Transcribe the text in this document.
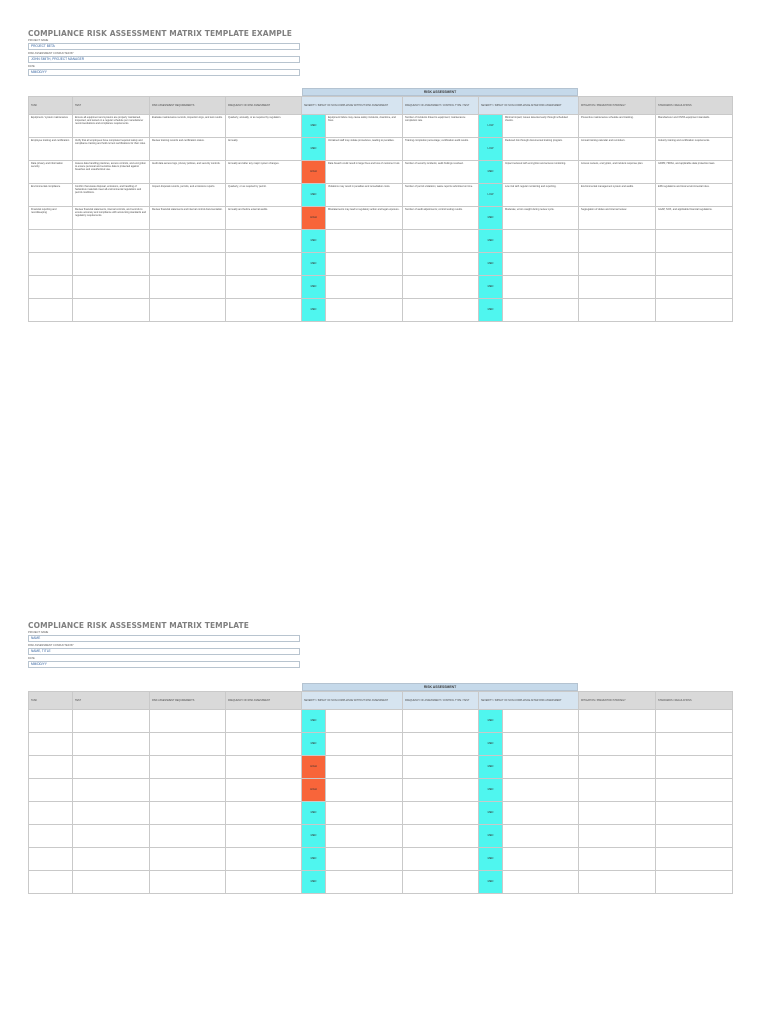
COMPLIANCE RISK ASSESSMENT MATRIX TEMPLATE EXAMPLE
PROJECT NAME
PROJECT BETA
RISK ASSESSMENT CONDUCTED BY
JOHN SMITH, PROJECT MANAGER
DATE
MM/DD/YY
RISK ASSESSMENT
TASK	TEST	RISK ASSESSMENT REQUIREMENTS	FREQUENCY OF RISK ASSESSMENT	SEVERITY / IMPACT OF NON-COMPLIANCE WITHOUT RISK ASSESSMENT		FREQUENCY OF ASSESSMENT / CONTROL TYPE / TEST	SEVERITY / IMPACT OF NON-COMPLIANCE AFTER RISK ASSESSMENT		MITIGATION / PREVENTION STRATEGY	STANDARDS / REGULATIONS
Equipment / system maintenance	Ensure all equipment and systems are properly maintained, inspected, and tested on a regular schedule per manufacturer recommendations and compliance requirements.	Evaluate maintenance records, inspection logs, and test results.	Quarterly, annually, or as required by regulation.	MED	Equipment failure may cause safety incidents, downtime, and fines.	Number of incidents linked to equipment; maintenance completion rate.	LOW	Minimal impact; issues detected early through scheduled checks.	Preventive maintenance schedule and tracking.	Manufacturer and OSHA equipment standards.
Employee training and certification	Verify that all employees have completed required safety and compliance training and hold current certifications for their roles.	Review training records and certification status.	Annually.	MED	Untrained staff may violate procedures, leading to penalties.	Training completion percentage; certification audit results.	LOW	Reduced risk through documented training program.	Annual training calendar and reminders.	Industry training and certification requirements.
Data privacy and information security	Assess data handling practices, access controls, and encryption to ensure personal and sensitive data is protected against breaches and unauthorized use.	Audit data access logs, privacy policies, and security controls.	Annually and after any major system changes.	HIGH	Data breach could result in large fines and loss of customer trust.	Number of security incidents; audit findings resolved.	MED	Impact reduced with encryption and access monitoring.	Access reviews, encryption, and incident response plan.	GDPR, HIPAA, and applicable data protection laws.
Environmental compliance	Confirm that waste disposal, emissions, and handling of hazardous materials meet all environmental regulations and permit conditions.	Inspect disposal records, permits, and emissions reports.	Quarterly, or as required by permit.	MED	Violations may result in penalties and remediation costs.	Number of permit violations; waste reports submitted on time.	LOW	Low risk with regular monitoring and reporting.	Environmental management system and audits.	EPA regulations and local environmental rules.
Financial reporting and recordkeeping	Review financial statements, internal controls, and records to ensure accuracy and compliance with accounting standards and regulatory requirements.	Review financial statements and internal control documentation.	Annually and before external audits.	HIGH	Misstatements may lead to regulatory action and legal exposure.	Number of audit adjustments; control testing results.	MED	Moderate; errors caught during review cycle.	Segregation of duties and internal review.	GAAP, SOX, and applicable financial regulations.
				MED			MED			
				MED			MED			
				MED			MED			
				MED			MED			
COMPLIANCE RISK ASSESSMENT MATRIX TEMPLATE
PROJECT NAME
NAME
RISK ASSESSMENT CONDUCTED BY
NAME, TITLE
DATE
MM/DD/YY
RISK ASSESSMENT
TASK	TEST	RISK ASSESSMENT REQUIREMENTS	FREQUENCY OF RISK ASSESSMENT	SEVERITY / IMPACT OF NON-COMPLIANCE WITHOUT RISK ASSESSMENT		FREQUENCY OF ASSESSMENT / CONTROL TYPE / TEST	SEVERITY / IMPACT OF NON-COMPLIANCE AFTER RISK ASSESSMENT		MITIGATION / PREVENTION STRATEGY	STANDARDS / REGULATIONS
				MED			MED			
				MED			MED			
				HIGH			MED			
				HIGH			MED			
				MED			MED			
				MED			MED			
				MED			MED			
				MED			MED			
